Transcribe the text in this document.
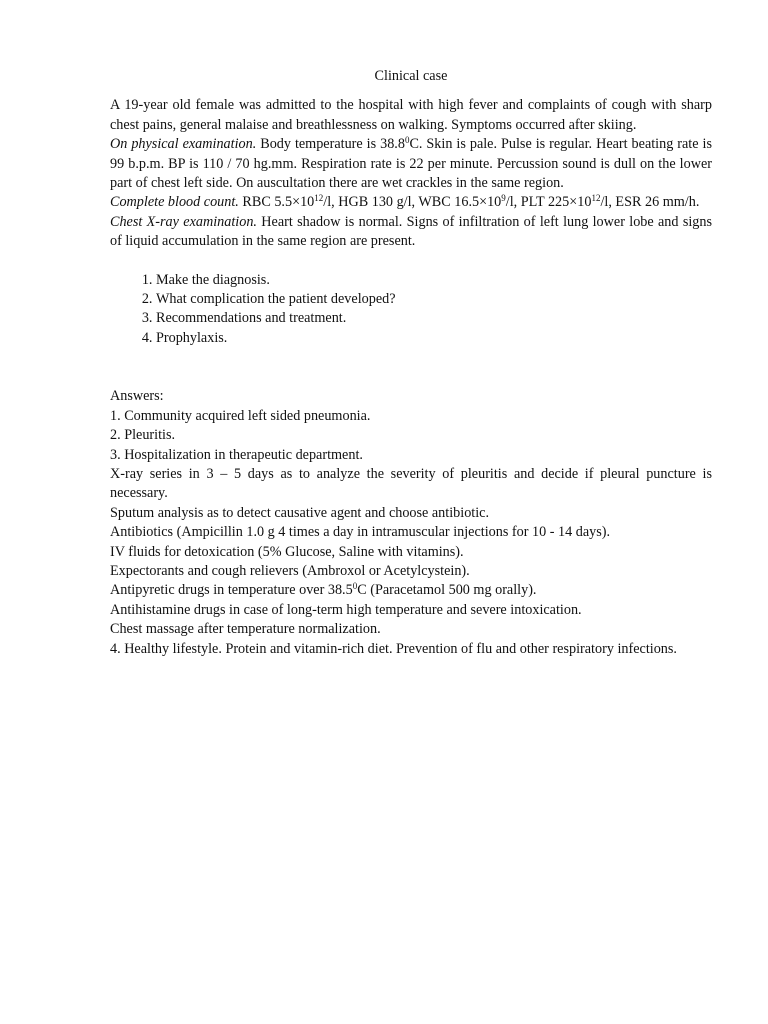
Clinical case

A 19-year old female was admitted to the hospital with high fever and complaints of cough with sharp chest pains, general malaise and breathlessness on walking. Symptoms occurred after skiing.

On physical examination. Body temperature is 38.8$^0$C. Skin is pale. Pulse is regular. Heart beating rate is 99 b.p.m. BP is 110 / 70 hg.mm. Respiration rate is 22 per minute. Percussion sound is dull on the lower part of chest left side. On auscultation there are wet crackles in the same region.

Complete blood count. RBC $5.5\times 10^{12}/l$, HGB 130 g/l, WBC $16.5\times 10^9/l$, PLT $225\times 10^{12}/l$, ESR 26 mm/h.

Chest X-ray examination. Heart shadow is normal. Signs of infiltration of left lung lower lobe and signs of liquid accumulation in the same region are present.

1. Make the diagnosis.
2. What complication the patient developed?
3. Recommendations and treatment.
4. Prophylaxis.

Answers:

1. Community acquired left sided pneumonia.

2. Pleuritis.

3. Hospitalization in therapeutic department.

X-ray series in 3 – 5 days as to analyze the severity of pleuritis and decide if pleural puncture is necessary.

Sputum analysis as to detect causative agent and choose antibiotic.

Antibiotics (Ampicillin 1.0 g 4 times a day in intramuscular injections for 10 - 14 days).

IV fluids for detoxication (5% Glucose, Saline with vitamins).

Expectorants and cough relievers (Ambroxol or Acetylcystein).

Antipyretic drugs in temperature over 38.5$^0$C (Paracetamol 500 mg orally).

Antihistamine drugs in case of long-term high temperature and severe intoxication.

Chest massage after temperature normalization.

4. Healthy lifestyle. Protein and vitamin-rich diet. Prevention of flu and other respiratory infections.
